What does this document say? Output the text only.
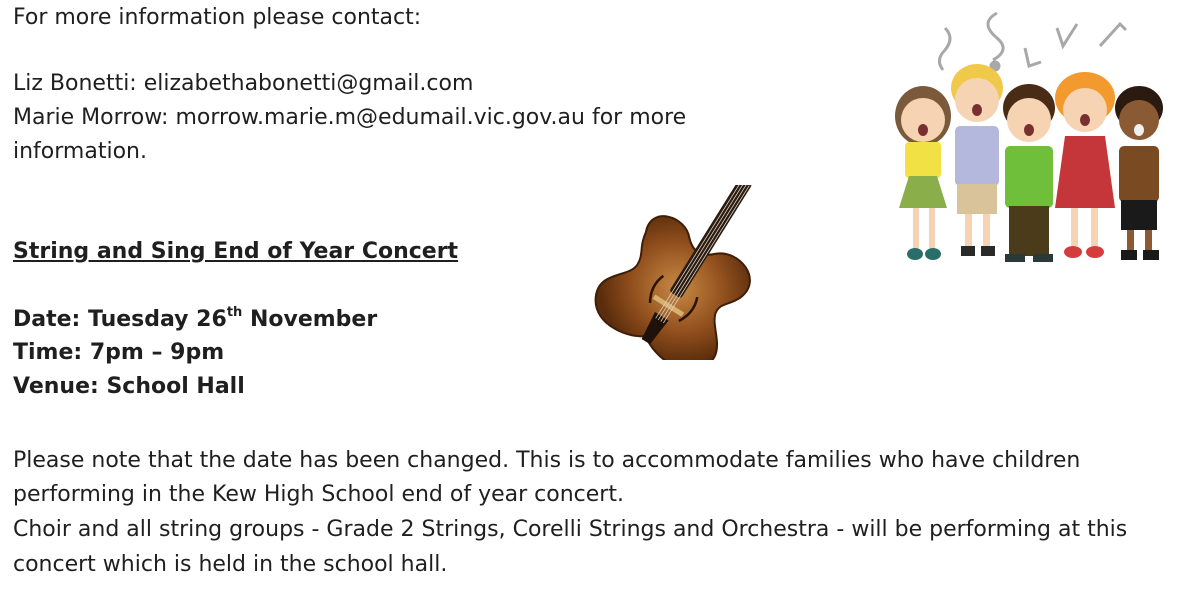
For more information please contact:
Liz Bonetti: elizabethabonetti@gmail.com
Marie Morrow: morrow.marie.m@edumail.vic.gov.au for more
information.
String and Sing End of Year Concert
Date: Tuesday 26th November
Time: 7pm – 9pm
Venue: School Hall
Please note that the date has been changed. This is to accommodate families who have children
performing in the Kew High School end of year concert.
Choir and all string groups - Grade 2 Strings, Corelli Strings and Orchestra - will be performing at this
concert which is held in the school hall.
